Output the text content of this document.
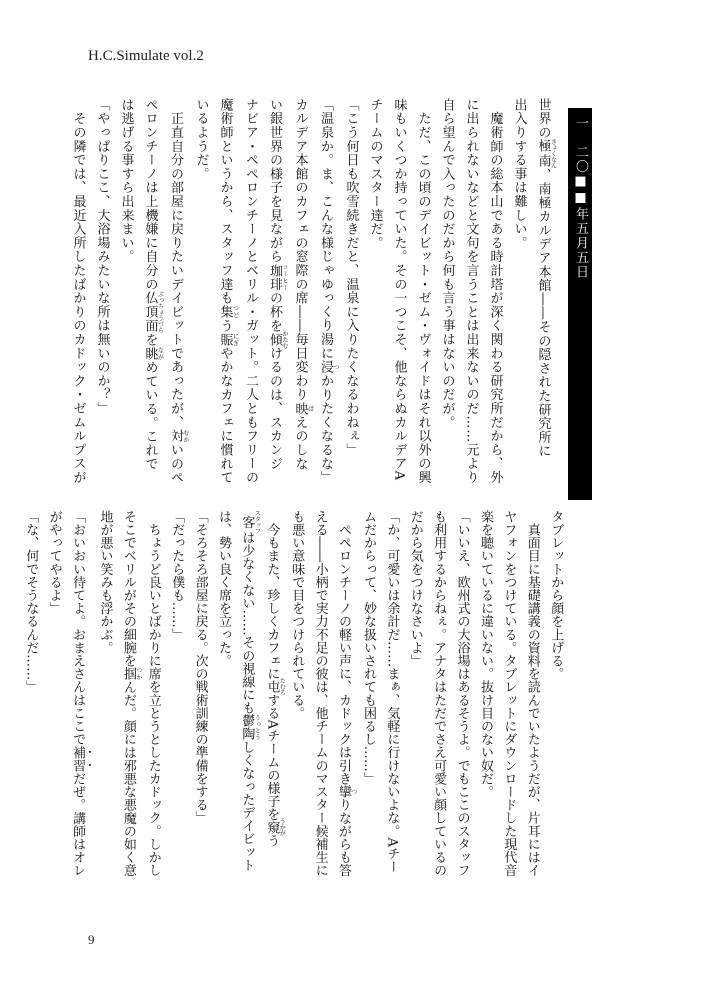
H.C.Simulate vol.2

一　二〇■■年五月五日
世界の極南 きょくなん、南極カルデア本館――その隠された研究所に
出入りする事は難しい。
　魔術師の総本山である時計塔が深く関わる研究所だから、外
に出られないなどと文句を言うことは出来ないのだ……元より
自ら望んで入ったのだから何も言う事はないのだが。
　ただ、この頃のデイビット・ゼム・ヴォイドはそれ以外の興
味もいくつか持っていた。その一つこそ、他ならぬカルデアA
チームのマスター達だ。
「こう何日も吹雪続きだと、温泉に入りたくなるわねぇ」
「温泉か。ま、こんな様じゃゆっくり湯に浸 つかりたくなるな」
カルデア本館のカフェの窓際の席――毎日変わり映 ばえのしな
い銀世界の様子を見ながら珈琲 コーヒーの杯を傾 かたむけるのは、スカンジ
ナビア・ペペロンチーノとベリル・ガット。二人ともフリーの
魔術師というから、スタッフ達も集 つどう賑 にぎやかなカフェに慣れて
いるようだ。
　正直自分の部屋に戻りたいデイビットであったが、対 むかいのペ
ペロンチーノは上機嫌に自分の仏頂面 ぶっちょうづらを眺 ながめている。これで
は逃げる事すら出来まい。
「やっぱりここ、大浴場みたいな所は無いのか？」
　その隣では、最近入所したばかりのカドック・ゼムルプスが

タブレットから顔を上げる。
　真面目に基礎講義の資料を読んでいたようだが、片耳にはイ
ヤフォンをつけている。タブレットにダウンロードした現代音
楽を聴いているに違いない。抜け目のない奴だ。
「いいえ、欧州式の大浴場はあるそうよ。でもここのスタッフ
も利用するからねぇ。アナタはただでさえ可愛い顔しているの
だから気をつけなさいよ」
「か、可愛いは余計だ……まぁ、気軽に行けないよな。Aチー
ムだからって、妙な扱いされても困るし……」
　ペペロンチーノの軽い声に、カドックは引き攣 つりながらも答
える――小柄で実力不足の彼は、他チームのマスター候補生に
も悪い意味で目をつけられている。
　今もまた、珍しくカフェに屯 たむろするAチームの様子を窺 うかがう
客 スタッフは少なくない……その視線にも鬱陶 うっとうしくなったデイビット
は、勢い良く席を立った。
「そろそろ部屋に戻る。次の戦術訓練の準備をする」
「だったら僕も……」
　ちょうど良いとばかりに席を立とうとしたカドック。しかし
そこでベリルがその細腕を掴 つかんだ。顔には邪悪な悪魔の如く意
地が悪い笑みも浮かぶ。
「おいおい待てよ。おまえさんはここで補習だぜ。講師はオレ
がやってやるよ」
「な、何でそうなるんだ……」

9
